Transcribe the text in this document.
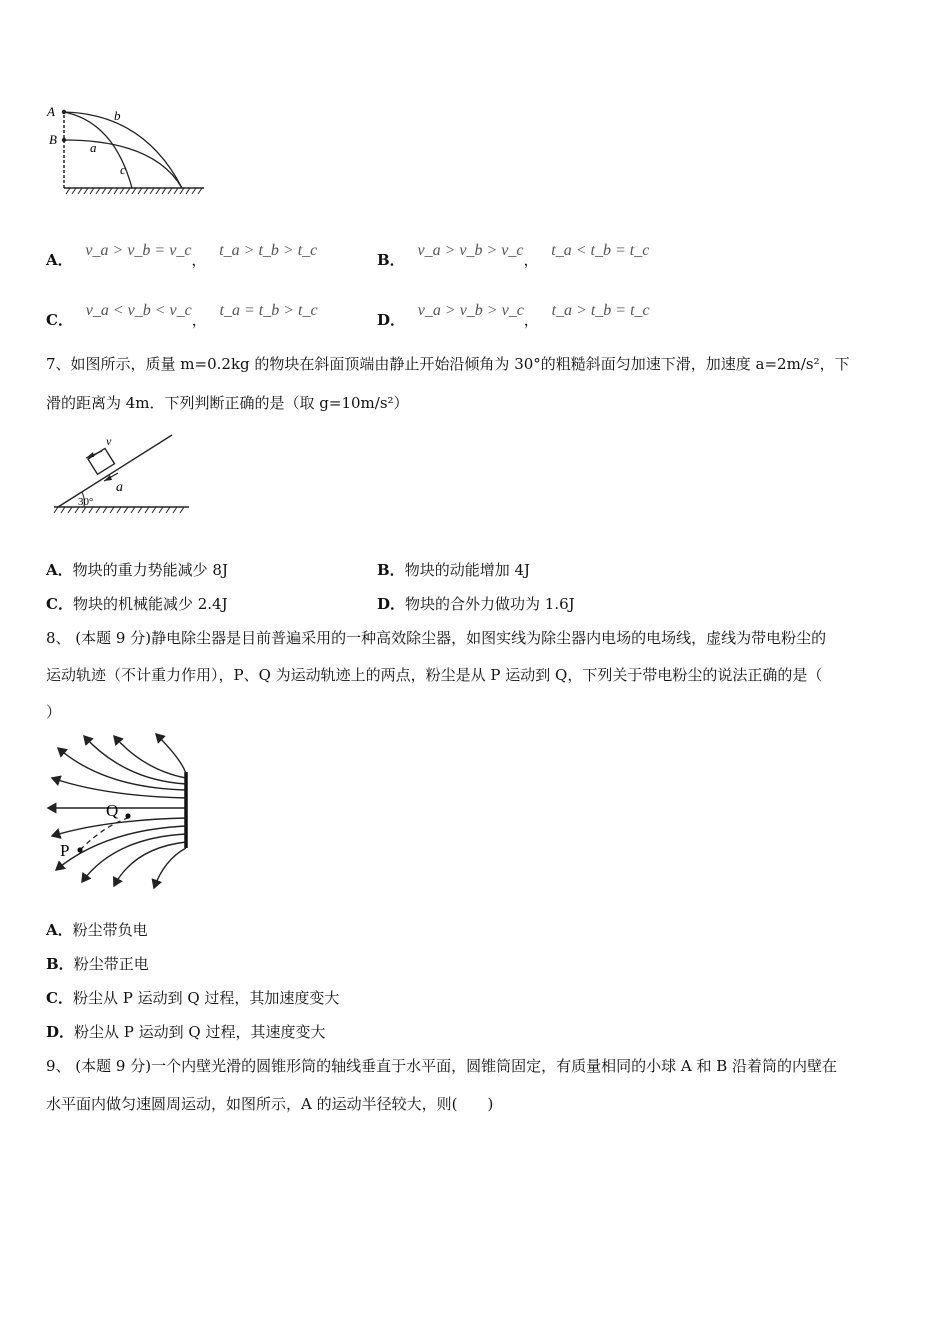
A
B
b
a
c
A． v_a > v_b = v_c， t_a > t_b > t_c
B． v_a > v_b > v_c， t_a < t_b = t_c
C． v_a < v_b < v_c， t_a = t_b > t_c
D． v_a > v_b > v_c， t_a > t_b = t_c
7、如图所示，质量 m=0.2kg 的物块在斜面顶端由静止开始沿倾角为 30°的粗糙斜面匀加速下滑，加速度 a=2m/s²，下
滑的距离为 4m．下列判断正确的是（取 g=10m/s²）
v
a
30°
A．物块的重力势能减少 8J	B．物块的动能增加 4J
C．物块的机械能减少 2.4J	D．物块的合外力做功为 1.6J
8、 (本题 9 分)静电除尘器是目前普遍采用的一种高效除尘器，如图实线为除尘器内电场的电场线，虚线为带电粉尘的
运动轨迹（不计重力作用），P、Q 为运动轨迹上的两点，粉尘是从 P 运动到 Q，下列关于带电粉尘的说法正确的是（
）
P
Q
A．粉尘带负电
B．粉尘带正电
C．粉尘从 P 运动到 Q 过程，其加速度变大
D．粉尘从 P 运动到 Q 过程，其速度变大
9、 (本题 9 分)一个内壁光滑的圆锥形筒的轴线垂直于水平面，圆锥筒固定，有质量相同的小球 A 和 B 沿着筒的内壁在
水平面内做匀速圆周运动，如图所示，A 的运动半径较大，则(　　)
